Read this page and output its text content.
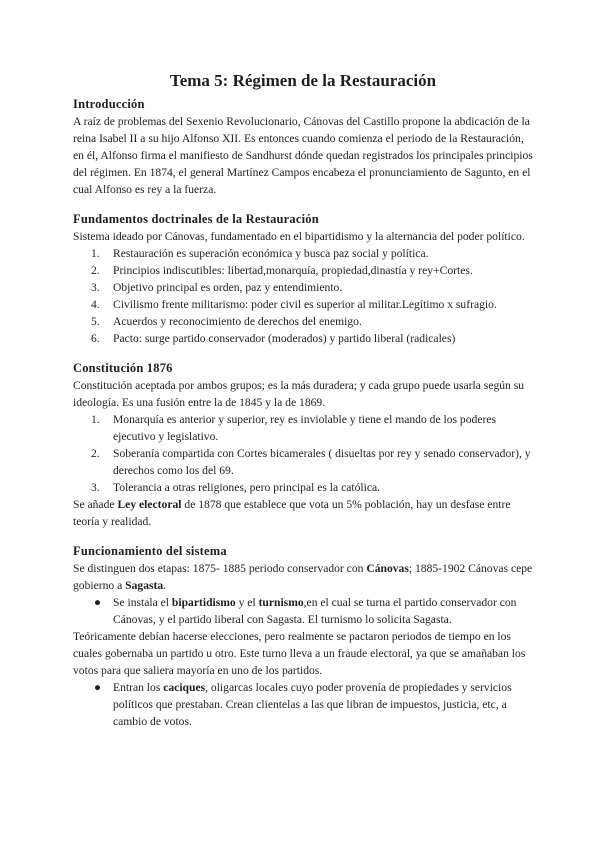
Tema 5: Régimen de la Restauración
Introducción

A raíz de problemas del Sexenio Revolucionario, Cánovas del Castillo propone la abdicación de la reina Isabel II a su hijo Alfonso XII. Es entonces cuando comienza el periodo de la Restauración, en él, Alfonso firma el manifiesto de Sandhurst dónde quedan registrados los principales principios del régimen. En 1874, el general Martínez Campos encabeza el pronunciamiento de Sagunto, en el cual Alfonso es rey a la fuerza.

Fundamentos doctrinales de la Restauración

Sistema ideado por Cánovas, fundamentado en el bipartidismo y la alternancia del poder político.

1. Restauración es superación económica y busca paz social y política.
2. Principios indiscutibles: libertad,monarquía, propiedad,dinastía y rey+Cortes.
3. Objetivo principal es orden, paz y entendimiento.
4. Civilismo frente militarismo: poder civil es superior al militar.Legítimo x sufragio.
5. Acuerdos y reconocimiento de derechos del enemigo.
6. Pacto: surge partido conservador (moderados) y partido liberal (radicales)
Constitución 1876

Constitución aceptada por ambos grupos; es la más duradera; y cada grupo puede usarla según su ideología. Es una fusión entre la de 1845 y la de 1869.

1. Monarquía es anterior y superior, rey es inviolable y tiene el mando de los poderes ejecutivo y legislativo.
2. Soberanía compartida con Cortes bicamerales ( disueltas por rey y senado conservador), y derechos como los del 69.
3. Tolerancia a otras religiones, pero principal es la católica.

Se añade Ley electoral de 1878 que establece que vota un 5% población, hay un desfase entre teoría y realidad.

Funcionamiento del sistema

Se distinguen dos etapas: 1875- 1885 periodo conservador con Cánovas; 1885-1902 Cánovas cepe gobierno a Sagasta.

● Se instala el bipartidismo y el turnismo,en el cual se turna el partido conservador con Cánovas, y el partido liberal con Sagasta. El turnismo lo solicita Sagasta.

Teóricamente debían hacerse elecciones, pero realmente se pactaron periodos de tiempo en los cuales gobernaba un partido u otro. Este turno lleva a un fraude electoral, ya que se amañaban los votos para que saliera mayoría en uno de los partidos.

● Entran los caciques, oligarcas locales cuyo poder provenía de propiedades y servicios políticos que prestaban. Crean clientelas a las que libran de impuestos, justicia, etc, a cambio de votos.
